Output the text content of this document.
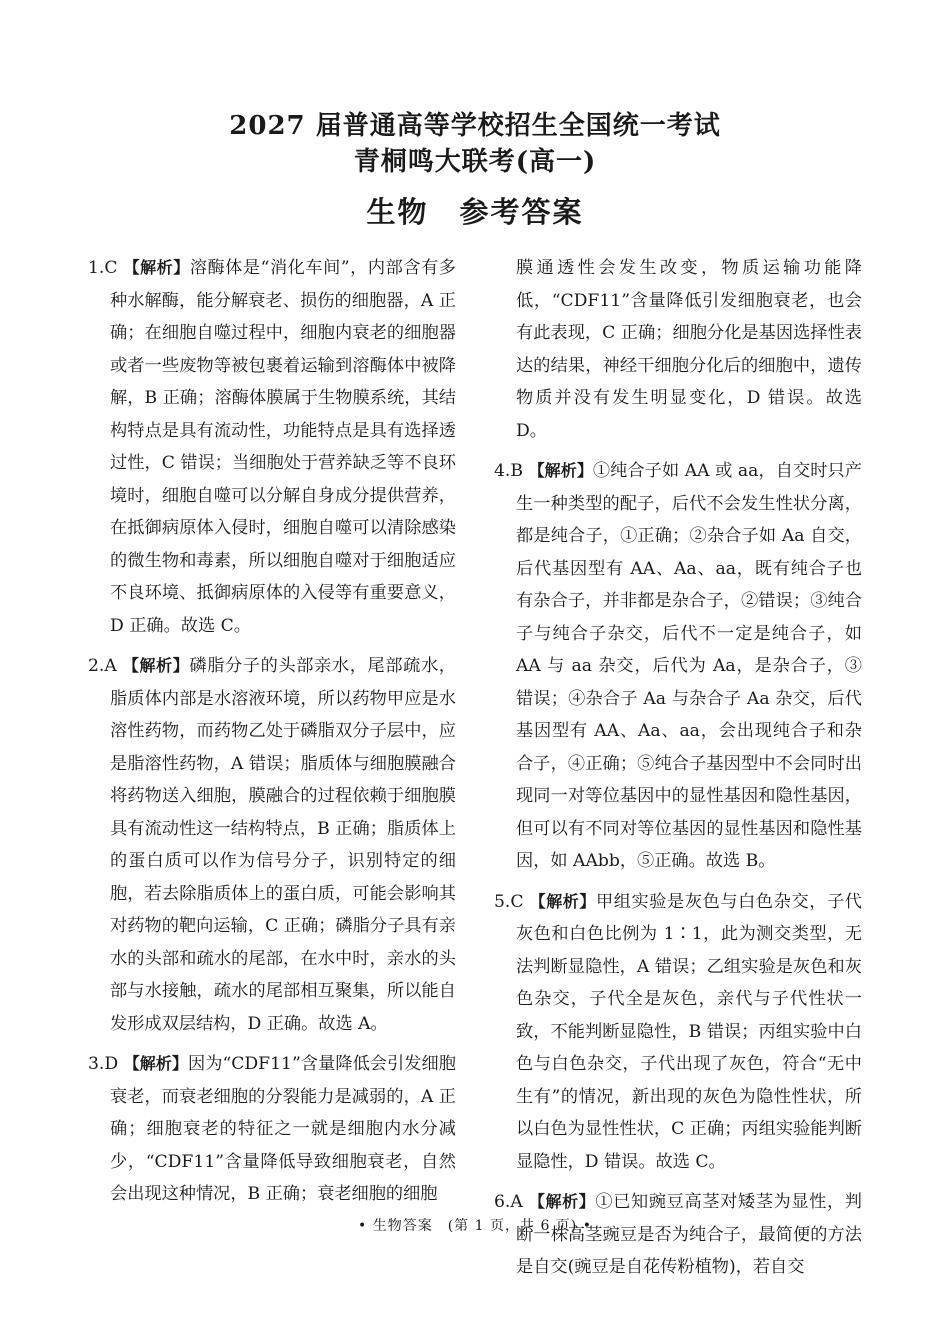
2027 届普通高等学校招生全国统一考试
青桐鸣大联考(高一)
生物　参考答案

1.C 【解析】溶酶体是“消化车间”，内部含有多种水解酶，能分解衰老、损伤的细胞器，A 正确；在细胞自噬过程中，细胞内衰老的细胞器或者一些废物等被包裹着运输到溶酶体中被降解，B 正确；溶酶体膜属于生物膜系统，其结构特点是具有流动性，功能特点是具有选择透过性，C 错误；当细胞处于营养缺乏等不良环境时，细胞自噬可以分解自身成分提供营养，在抵御病原体入侵时，细胞自噬可以清除感染的微生物和毒素，所以细胞自噬对于细胞适应不良环境、抵御病原体的入侵等有重要意义，D 正确。故选 C。

2.A 【解析】磷脂分子的头部亲水，尾部疏水，脂质体内部是水溶液环境，所以药物甲应是水溶性药物，而药物乙处于磷脂双分子层中，应是脂溶性药物，A 错误；脂质体与细胞膜融合将药物送入细胞，膜融合的过程依赖于细胞膜具有流动性这一结构特点，B 正确；脂质体上的蛋白质可以作为信号分子，识别特定的细胞，若去除脂质体上的蛋白质，可能会影响其对药物的靶向运输，C 正确；磷脂分子具有亲水的头部和疏水的尾部，在水中时，亲水的头部与水接触，疏水的尾部相互聚集，所以能自发形成双层结构，D 正确。故选 A。

3.D 【解析】因为“CDF11”含量降低会引发细胞衰老，而衰老细胞的分裂能力是减弱的，A 正确；细胞衰老的特征之一就是细胞内水分减少，“CDF11”含量降低导致细胞衰老，自然会出现这种情况，B 正确；衰老细胞的细胞

膜通透性会发生改变，物质运输功能降低，“CDF11”含量降低引发细胞衰老，也会有此表现，C 正确；细胞分化是基因选择性表达的结果，神经干细胞分化后的细胞中，遗传物质并没有发生明显变化，D 错误。故选 D。

4.B 【解析】①纯合子如 AA 或 aa，自交时只产生一种类型的配子，后代不会发生性状分离，都是纯合子，①正确；②杂合子如 Aa 自交，后代基因型有 AA、Aa、aa，既有纯合子也有杂合子，并非都是杂合子，②错误；③纯合子与纯合子杂交，后代不一定是纯合子，如 AA 与 aa 杂交，后代为 Aa，是杂合子，③错误；④杂合子 Aa 与杂合子 Aa 杂交，后代基因型有 AA、Aa、aa，会出现纯合子和杂合子，④正确；⑤纯合子基因型中不会同时出现同一对等位基因中的显性基因和隐性基因，但可以有不同对等位基因的显性基因和隐性基因，如 AAbb，⑤正确。故选 B。

5.C 【解析】甲组实验是灰色与白色杂交，子代灰色和白色比例为 1∶1，此为测交类型，无法判断显隐性，A 错误；乙组实验是灰色和灰色杂交，子代全是灰色，亲代与子代性状一致，不能判断显隐性，B 错误；丙组实验中白色与白色杂交，子代出现了灰色，符合“无中生有”的情况，新出现的灰色为隐性性状，所以白色为显性性状，C 正确；丙组实验能判断显隐性，D 错误。故选 C。

6.A 【解析】①已知豌豆高茎对矮茎为显性，判断一株高茎豌豆是否为纯合子，最简便的方法是自交(豌豆是自花传粉植物)，若自交

• 生物答案　(第 1 页，共 6 页) •
